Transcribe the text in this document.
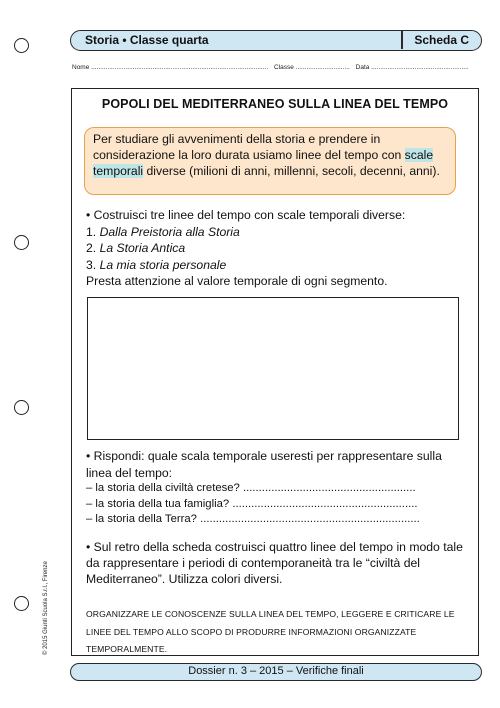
Storia • Classe quarta	Scheda C
Nome .................................................................................................. Classe .............................. Data ......................................................
POPOLI DEL MEDITERRANEO SULLA LINEA DEL TEMPO
Per studiare gli avvenimenti della storia e prendere in considerazione la loro durata usiamo linee del tempo con scale temporali diverse (milioni di anni, millenni, secoli, decenni, anni).
• Costruisci tre linee del tempo con scale temporali diverse:
1. Dalla Preistoria alla Storia
2. La Storia Antica
3. La mia storia personale
Presta attenzione al valore temporale di ogni segmento.
• Rispondi: quale scala temporale useresti per rappresentare sulla linea del tempo:
– la storia della civiltà cretese? .......................................................
– la storia della tua famiglia? ...........................................................
– la storia della Terra? ......................................................................
• Sul retro della scheda costruisci quattro linee del tempo in modo tale da rappresentare i periodi di contemporaneità tra le “civiltà del Mediterraneo”. Utilizza colori diversi.
ORGANIZZARE LE CONOSCENZE SULLA LINEA DEL TEMPO, LEGGERE E CRITICARE LE LINEE DEL TEMPO ALLO SCOPO DI PRODURRE INFORMAZIONI ORGANIZZATE TEMPORALMENTE.
© 2015 Giunti Scuola S.r.l., Firenze
Dossier n. 3 – 2015 – Verifiche finali
